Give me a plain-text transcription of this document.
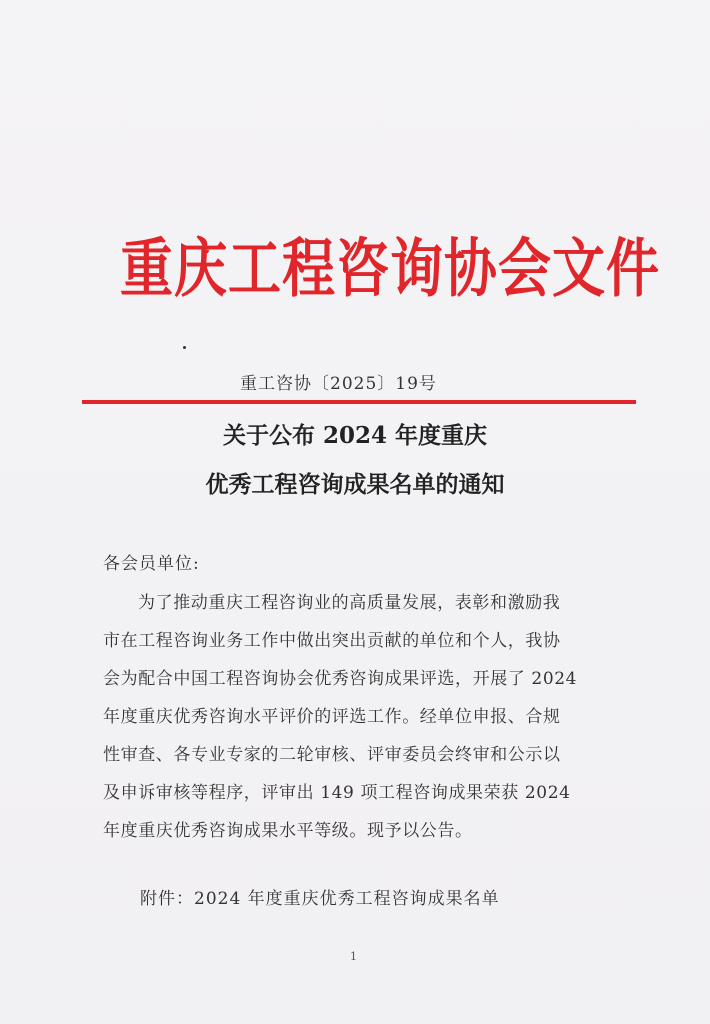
重庆工程咨询协会文件
重工咨协〔2025〕19号
关于公布 2024 年度重庆
优秀工程咨询成果名单的通知
各会员单位:
为了推动重庆工程咨询业的高质量发展，表彰和激励我
市在工程咨询业务工作中做出突出贡献的单位和个人，我协
会为配合中国工程咨询协会优秀咨询成果评选，开展了 2024
年度重庆优秀咨询水平评价的评选工作。经单位申报、合规
性审查、各专业专家的二轮审核、评审委员会终审和公示以
及申诉审核等程序，评审出 149 项工程咨询成果荣获 2024
年度重庆优秀咨询成果水平等级。现予以公告。
附件：2024 年度重庆优秀工程咨询成果名单
1
